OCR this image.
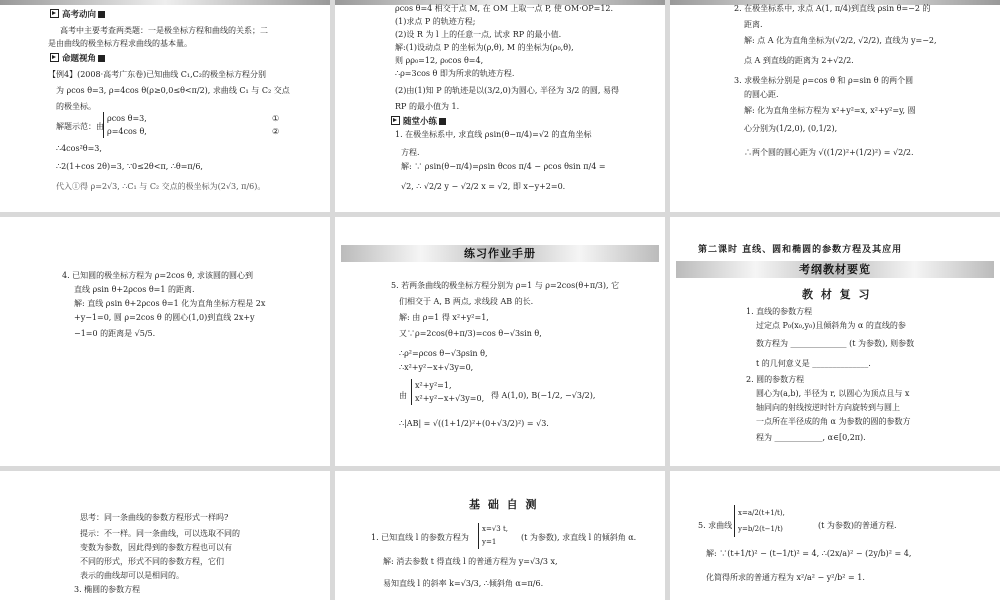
高考动向
高考中主要考查两类题：一是极坐标方程和曲线的关系；二
是由曲线的极坐标方程求曲线的基本量。
命题视角
【例4】(2008·高考广东卷)已知曲线 C₁,C₂的极坐标方程分别
为 ρcos θ=3, ρ=4cos θ(ρ≥0,0≤θ<π/2), 求曲线 C₁ 与 C₂ 交点
的极坐标。
解题示范：由
ρcos θ=3,
ρ=4cos θ,
①
②
∴4cos²θ=3,
∴2(1+cos 2θ)=3, ∵0≤2θ<π, ∴θ=π/6,
代入①得 ρ=2√3, ∴C₁ 与 C₂ 交点的极坐标为(2√3, π/6)。
ρcos θ=4 相交于点 M, 在 OM 上取一点 P, 使 OM·OP=12.
(1)求点 P 的轨迹方程;
(2)设 R 为 l 上的任意一点, 试求 RP 的最小值.
解:(1)设动点 P 的坐标为(ρ,θ), M 的坐标为(ρ₀,θ),
则 ρρ₀=12, ρ₀cos θ=4,
∴ρ=3cos θ 即为所求的轨迹方程.
(2)由(1)知 P 的轨迹是以(3/2,0)为圆心, 半径为 3/2 的圆, 易得
RP 的最小值为 1.
随堂小练
1. 在极坐标系中, 求直线 ρsin(θ−π/4)=√2 的直角坐标
方程.
解: ∵ ρsin(θ−π/4)=ρsin θcos π/4 − ρcos θsin π/4 =
√2, ∴ √2/2 y − √2/2 x = √2, 即 x−y+2=0.
2. 在极坐标系中, 求点 A(1, π/4)到直线 ρsin θ=−2 的
距离.
解: 点 A 化为直角坐标为(√2/2, √2/2), 直线为 y=−2,
点 A 到直线的距离为 2+√2/2.
3. 求极坐标分别是 ρ=cos θ 和 ρ=sin θ 的两个圆
的圆心距.
解: 化为直角坐标方程为 x²+y²=x, x²+y²=y, 圆
心分别为(1/2,0), (0,1/2),
∴两个圆的圆心距为 √((1/2)²+(1/2)²) = √2/2.
4. 已知圆的极坐标方程为 ρ=2cos θ, 求该圆的圆心到
直线 ρsin θ+2ρcos θ=1 的距离.
解: 直线 ρsin θ+2ρcos θ=1 化为直角坐标方程是 2x
+y−1=0, 圆 ρ=2cos θ 的圆心(1,0)到直线 2x+y
−1=0 的距离是 √5/5.
练习作业手册
5. 若两条曲线的极坐标方程分别为 ρ=1 与 ρ=2cos(θ+π/3), 它
们相交于 A, B 两点, 求线段 AB 的长.
解: 由 ρ=1 得 x²+y²=1,
又∵ρ=2cos(θ+π/3)=cos θ−√3sin θ,
∴ρ²=ρcos θ−√3ρsin θ,
∴x²+y²−x+√3y=0,
由
x²+y²=1,
x²+y²−x+√3y=0, 得 A(1,0), B(−1/2, −√3/2),
∴|AB| = √((1+1/2)²+(0+√3/2)²) = √3.
第二课时 直线、圆和椭圆的参数方程及其应用
考纲教材要览
教 材 复 习
1. 直线的参数方程
过定点 P₀(x₀,y₀)且倾斜角为 α 的直线的参
数方程为 ______________ (t 为参数), 则参数
t 的几何意义是 ______________.
2. 圆的参数方程
圆心为(a,b), 半径为 r, 以圆心为顶点且与 x
轴同向的射线按逆时针方向旋转到与圆上
一点所在半径成的角 α 为参数的圆的参数方
程为 ____________, α∈[0,2π).
思考：同一条曲线的参数方程形式一样吗?
提示：不一样。同一条曲线，可以选取不同的
变数为参数，因此得到的参数方程也可以有
不同的形式，形式不同的参数方程，它们
表示的曲线却可以是相同的。
3. 椭圆的参数方程
基 础 自 测
1. 已知直线 l 的参数方程为
x=√3 t,
y=1	(t 为参数), 求直线 l 的倾斜角 α.
解: 消去参数 t 得直线 l 的普通方程为 y=√3/3 x,
易知直线 l 的斜率 k=√3/3, ∴倾斜角 α=π/6.
5. 求曲线
x=a/2(t+1/t),
y=b/2(t−1/t)	(t 为参数)的普通方程.
解: ∵(t+1/t)² − (t−1/t)² = 4, ∴(2x/a)² − (2y/b)² = 4,
化简得所求的普通方程为 x²/a² − y²/b² = 1.
